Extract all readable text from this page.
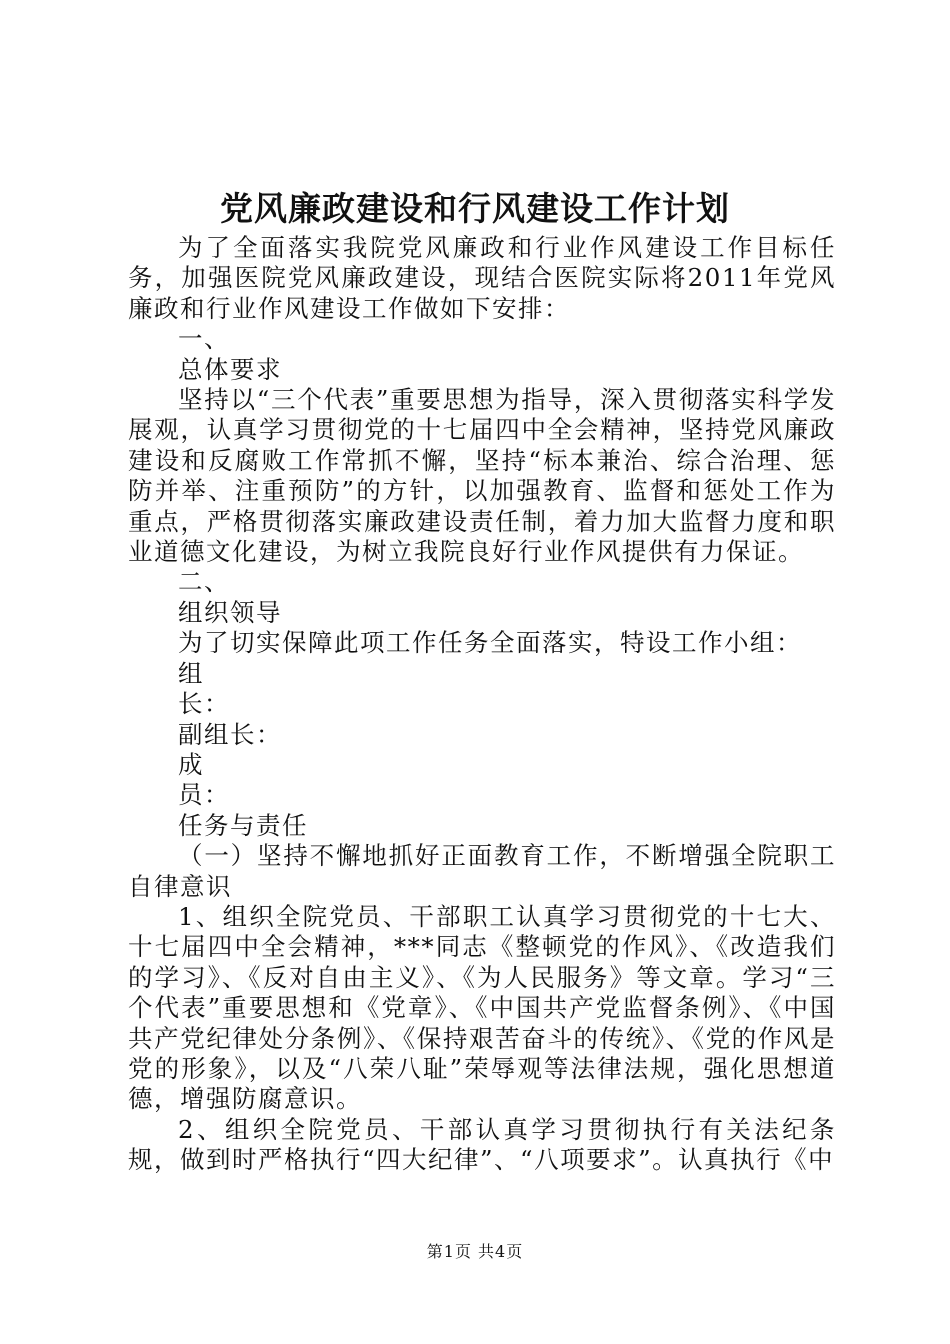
党风廉政建设和行风建设工作计划

为了全面落实我院党风廉政和行业作风建设工作目标任务，加强医院党风廉政建设，现结合医院实际将2011年党风廉政和行业作风建设工作做如下安排：

一、

总体要求

坚持以“三个代表”重要思想为指导，深入贯彻落实科学发展观，认真学习贯彻党的十七届四中全会精神，坚持党风廉政建设和反腐败工作常抓不懈，坚持“标本兼治、综合治理、惩防并举、注重预防”的方针，以加强教育、监督和惩处工作为重点，严格贯彻落实廉政建设责任制，着力加大监督力度和职业道德文化建设，为树立我院良好行业作风提供有力保证。

二、

组织领导

为了切实保障此项工作任务全面落实，特设工作小组：

组

长：

副组长：

成

员：

任务与责任

（一）坚持不懈地抓好正面教育工作，不断增强全院职工自律意识

1、组织全院党员、干部职工认真学习贯彻党的十七大、十七届四中全会精神，***同志《整顿党的作风》、《改造我们的学习》、《反对自由主义》、《为人民服务》等文章。学习“三个代表”重要思想和《党章》、《中国共产党监督条例》、《中国共产党纪律处分条例》、《保持艰苦奋斗的传统》、《党的作风是党的形象》，以及“八荣八耻”荣辱观等法律法规，强化思想道德，增强防腐意识。

2、组织全院党员、干部认真学习贯彻执行有关法纪条规，做到时严格执行“四大纪律”、“八项要求”。认真执行《中

第1页 共4页
